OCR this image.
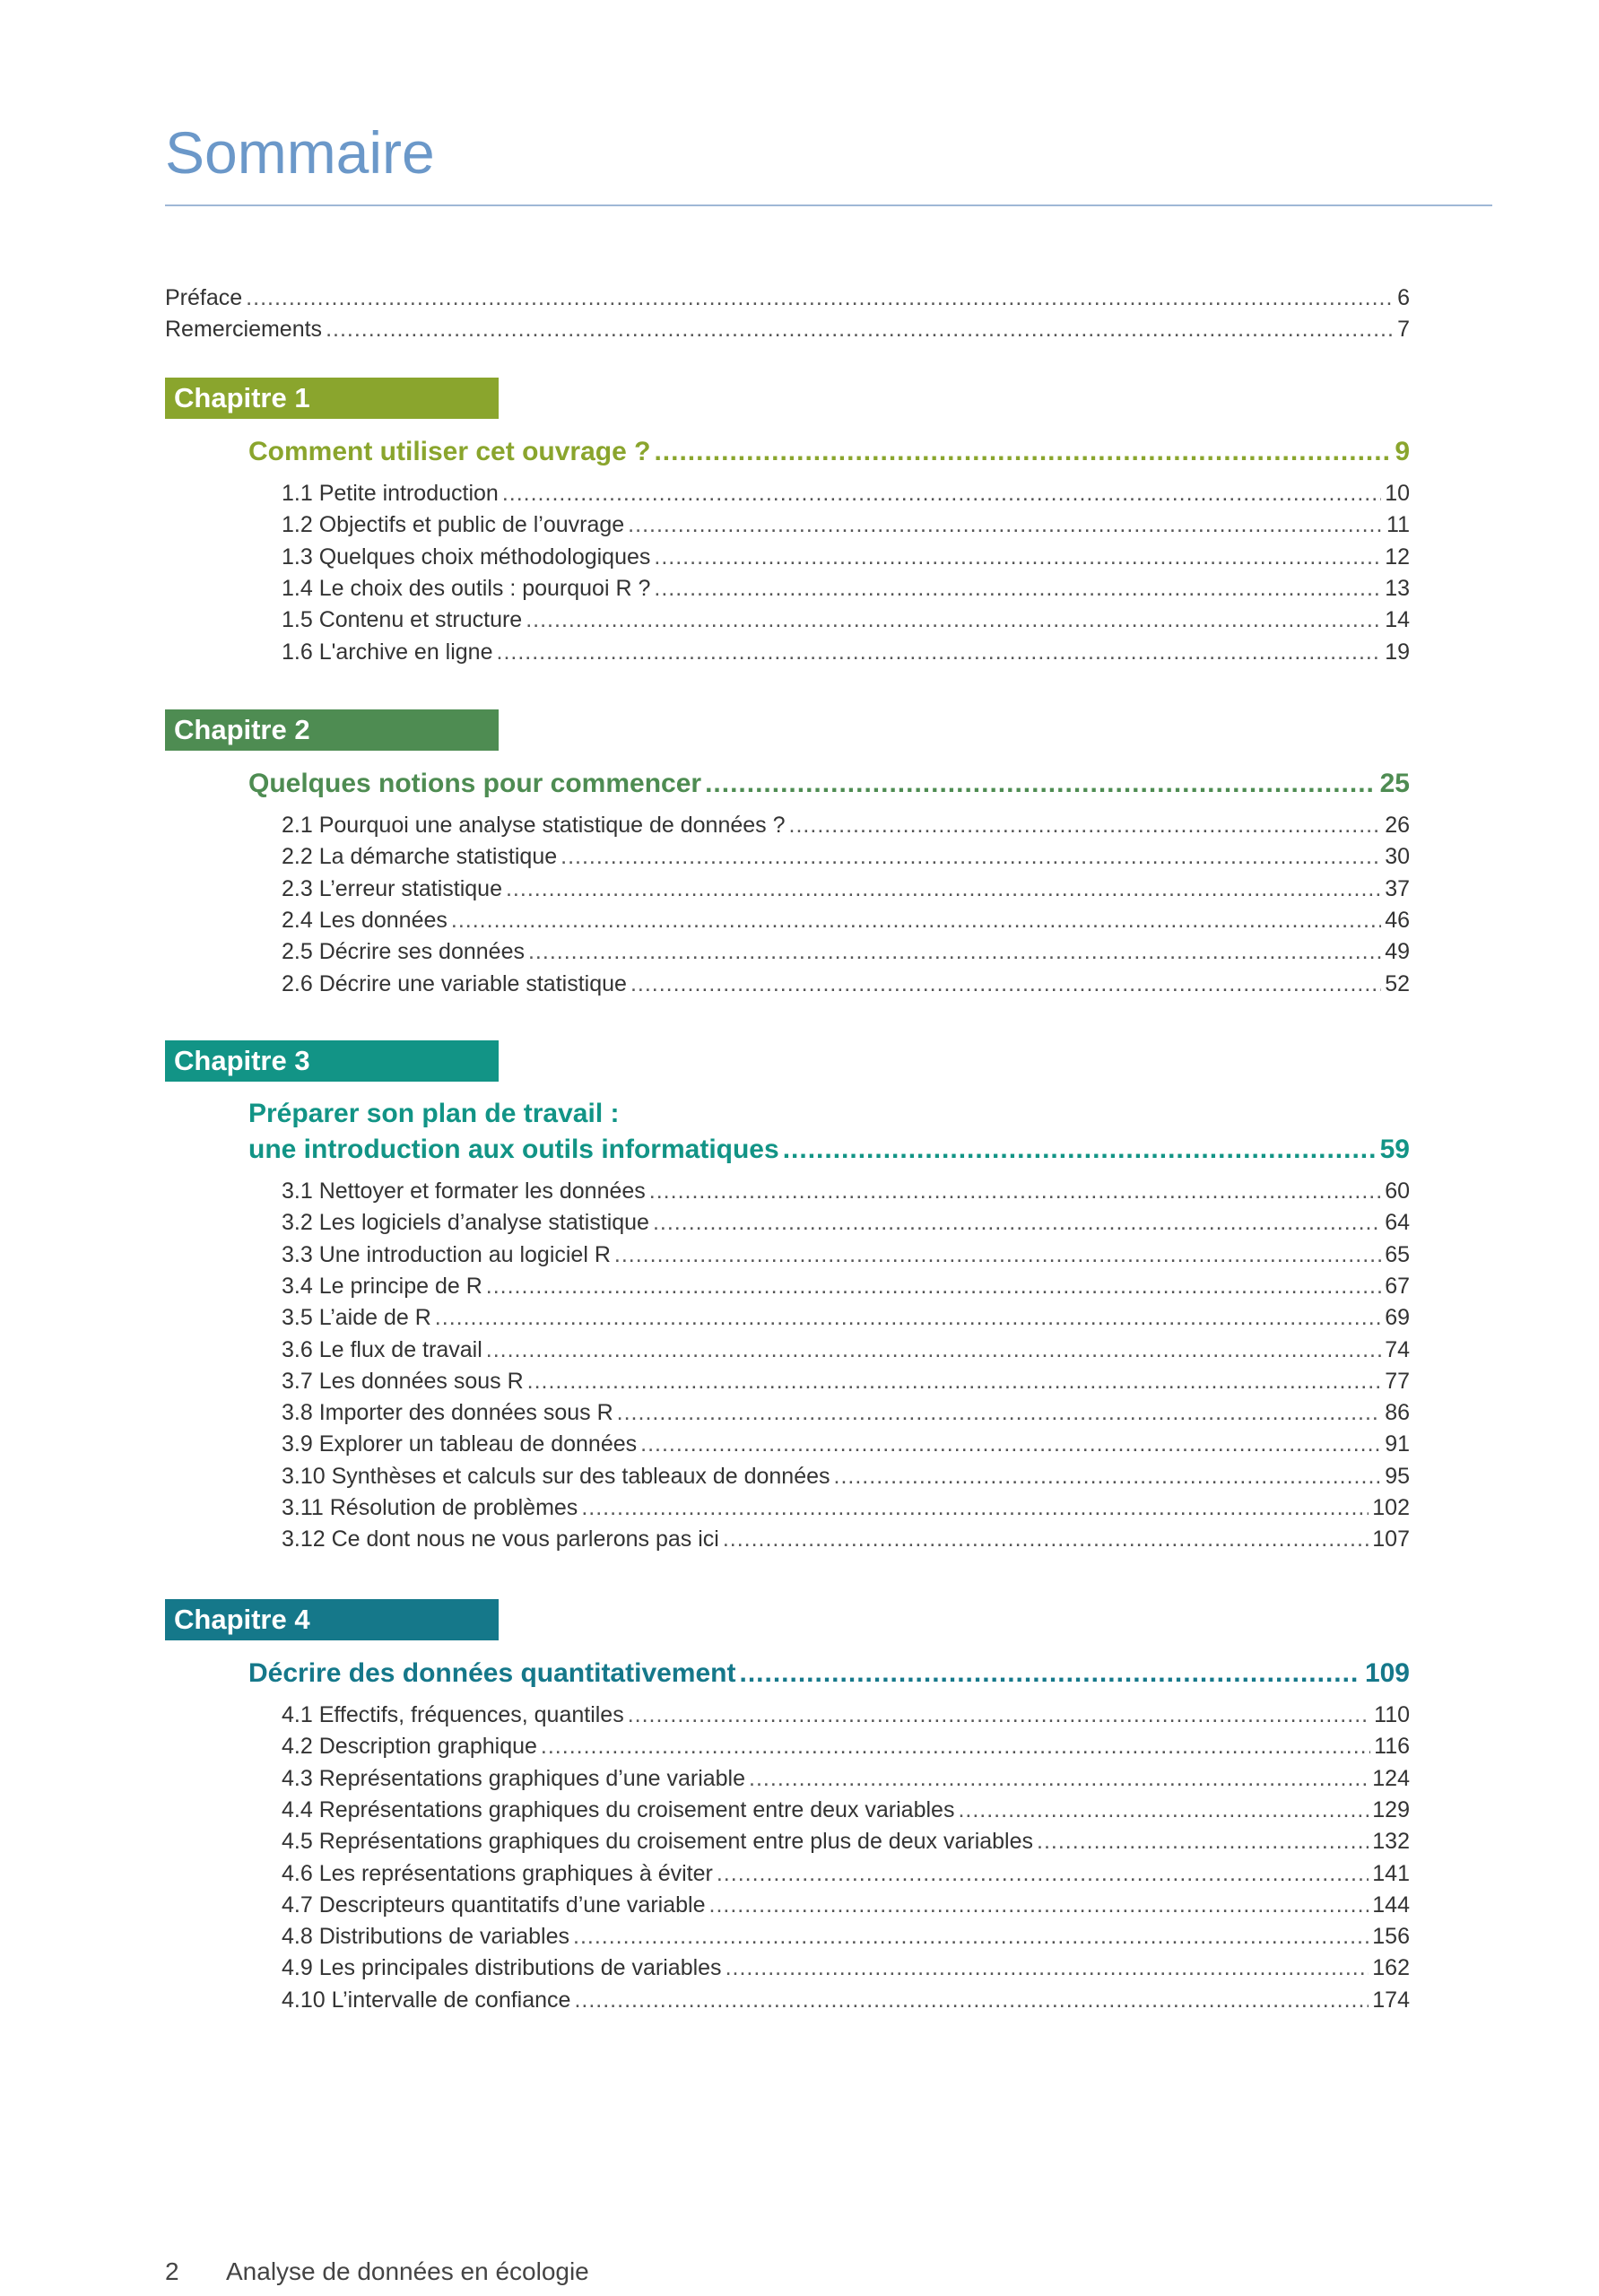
Sommaire
Préface .....	6
Remerciements .....	7
Chapitre 1
Comment utiliser cet ouvrage ? .....	9
1.1 Petite introduction .....	10
1.2 Objectifs et public de l’ouvrage .....	11
1.3 Quelques choix méthodologiques .....	12
1.4 Le choix des outils : pourquoi R ? .....	13
1.5 Contenu et structure .....	14
1.6 L'archive en ligne .....	19
Chapitre 2
Quelques notions pour commencer .....	25
2.1 Pourquoi une analyse statistique de données ? .....	26
2.2 La démarche statistique .....	30
2.3 L’erreur statistique .....	37
2.4 Les données .....	46
2.5 Décrire ses données .....	49
2.6 Décrire une variable statistique .....	52
Chapitre 3
Préparer son plan de travail :
une introduction aux outils informatiques .....	59
3.1 Nettoyer et formater les données .....	60
3.2 Les logiciels d’analyse statistique .....	64
3.3 Une introduction au logiciel R .....	65
3.4 Le principe de R .....	67
3.5 L’aide de R .....	69
3.6 Le flux de travail .....	74
3.7 Les données sous R .....	77
3.8 Importer des données sous R .....	86
3.9 Explorer un tableau de données .....	91
3.10 Synthèses et calculs sur des tableaux de données .....	95
3.11 Résolution de problèmes .....	102
3.12 Ce dont nous ne vous parlerons pas ici .....	107
Chapitre 4
Décrire des données quantitativement .....	109
4.1 Effectifs, fréquences, quantiles .....	110
4.2 Description graphique .....	116
4.3 Représentations graphiques d’une variable .....	124
4.4 Représentations graphiques du croisement entre deux variables .....	129
4.5 Représentations graphiques du croisement entre plus de deux variables .....	132
4.6 Les représentations graphiques à éviter .....	141
4.7 Descripteurs quantitatifs d’une variable .....	144
4.8 Distributions de variables .....	156
4.9 Les principales distributions de variables .....	162
4.10 L’intervalle de confiance .....	174
2 Analyse de données en écologie
